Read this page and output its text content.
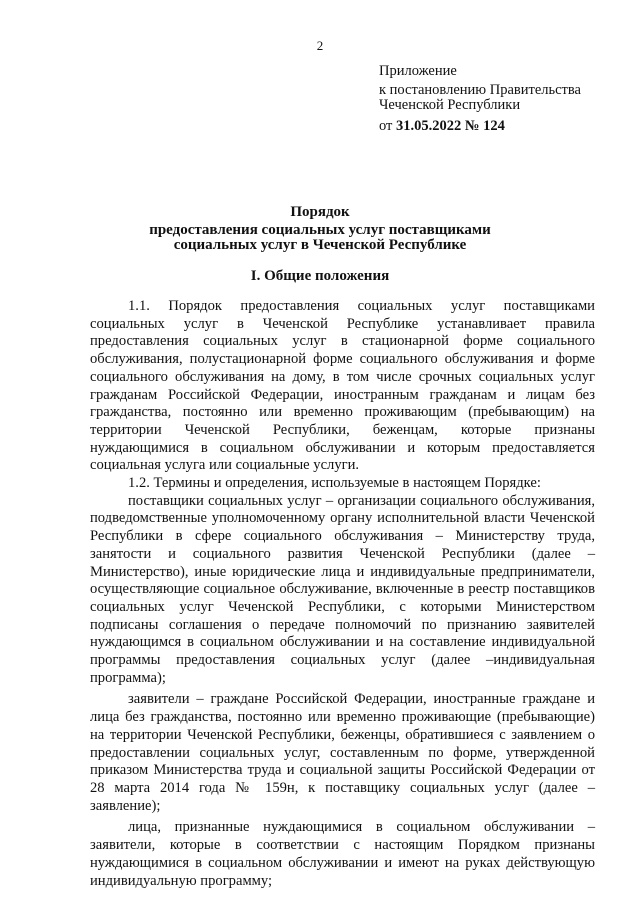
2
Приложение
к постановлению Правительства
Чеченской Республики
от 31.05.2022 № 124
Порядок
предоставления социальных услуг поставщиками
социальных услуг в Чеченской Республике
I. Общие положения

1.1. Порядок предоставления социальных услуг поставщиками социальных услуг в Чеченской Республике устанавливает правила предоставления социальных услуг в стационарной форме социального обслуживания, полустационарной форме социального обслуживания и форме социального обслуживания на дому, в том числе срочных социальных услуг гражданам Российской Федерации, иностранным гражданам и лицам без гражданства, постоянно или временно проживающим (пребывающим) на территории Чеченской Республики, беженцам, которые признаны нуждающимися в социальном обслуживании и которым предоставляется социальная услуга или социальные услуги.

1.2. Термины и определения, используемые в настоящем Порядке:

поставщики социальных услуг – организации социального обслуживания, подведомственные уполномоченному органу исполнительной власти Чеченской Республики в сфере социального обслуживания – Министерству труда, занятости и социального развития Чеченской Республики (далее – Министерство), иные юридические лица и индивидуальные предприниматели, осуществляющие социальное обслуживание, включенные в реестр поставщиков социальных услуг Чеченской Республики, с которыми Министерством подписаны соглашения о передаче полномочий по признанию заявителей нуждающимся в социальном обслуживании и на составление индивидуальной программы предоставления социальных услуг (далее –индивидуальная программа);

заявители – граждане Российской Федерации, иностранные граждане и лица без гражданства, постоянно или временно проживающие (пребывающие) на территории Чеченской Республики, беженцы, обратившиеся с заявлением о предоставлении социальных услуг, составленным по форме, утвержденной приказом Министерства труда и социальной защиты Российской Федерации от 28 марта 2014 года № 159н, к поставщику социальных услуг (далее – заявление);

лица, признанные нуждающимися в социальном обслуживании – заявители, которые в соответствии с настоящим Порядком признаны нуждающимися в социальном обслуживании и имеют на руках действующую индивидуальную программу;
